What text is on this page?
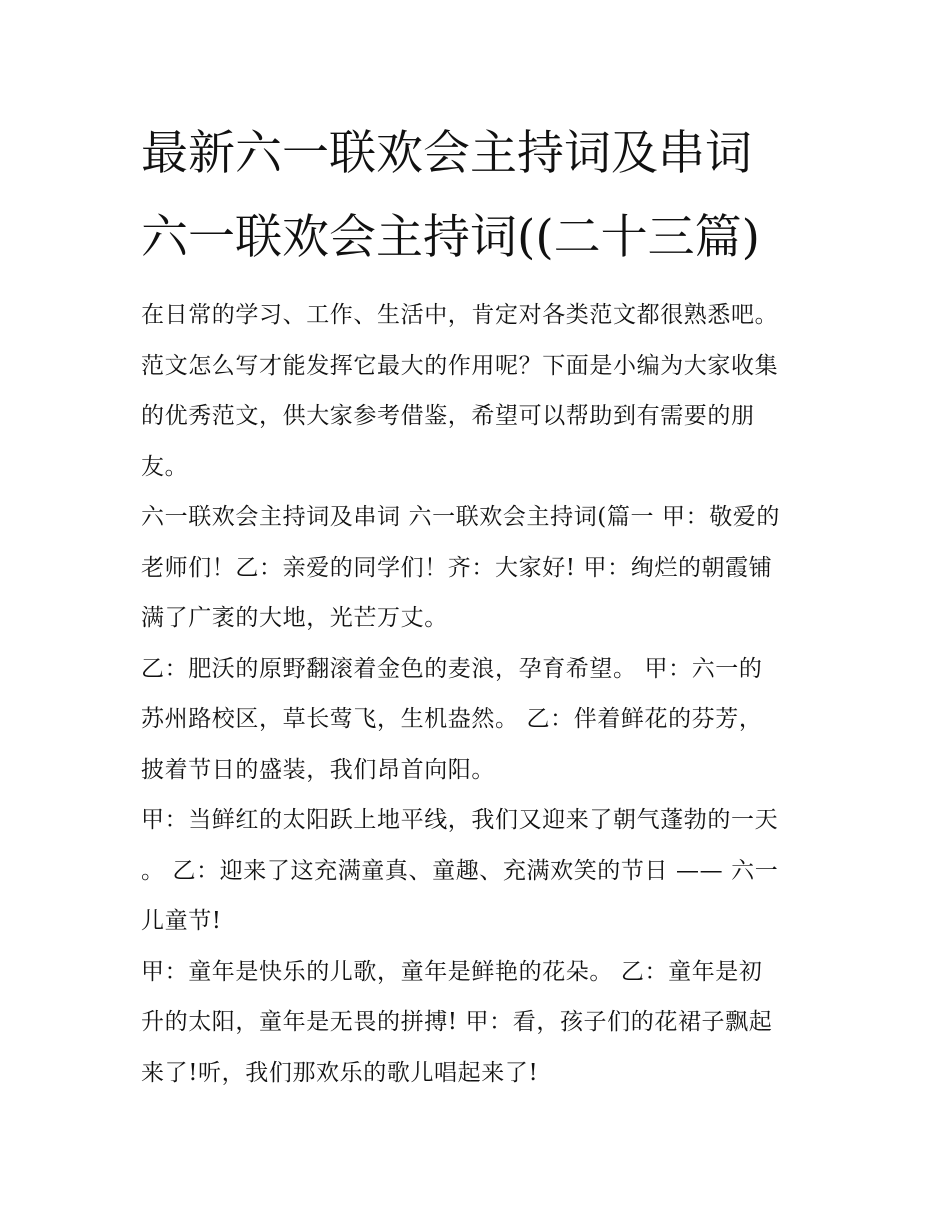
最新六一联欢会主持词及串词
六一联欢会主持词((二十三篇)

在日常的学习、工作、生活中，肯定对各类范文都很熟悉吧。
范文怎么写才能发挥它最大的作用呢？下面是小编为大家收集
的优秀范文，供大家参考借鉴，希望可以帮助到有需要的朋
友。

六一联欢会主持词及串词 六一联欢会主持词(篇一 甲：敬爱的
老师们！乙：亲爱的同学们！齐：大家好! 甲：绚烂的朝霞铺
满了广袤的大地，光芒万丈。

乙：肥沃的原野翻滚着金色的麦浪，孕育希望。 甲：六一的
苏州路校区，草长莺飞，生机盎然。 乙：伴着鲜花的芬芳，
披着节日的盛装，我们昂首向阳。

甲：当鲜红的太阳跃上地平线，我们又迎来了朝气蓬勃的一天
。 乙：迎来了这充满童真、童趣、充满欢笑的节日 —— 六一
儿童节!

甲：童年是快乐的儿歌，童年是鲜艳的花朵。 乙：童年是初
升的太阳，童年是无畏的拼搏! 甲：看，孩子们的花裙子飘起
来了!听，我们那欢乐的歌儿唱起来了!
